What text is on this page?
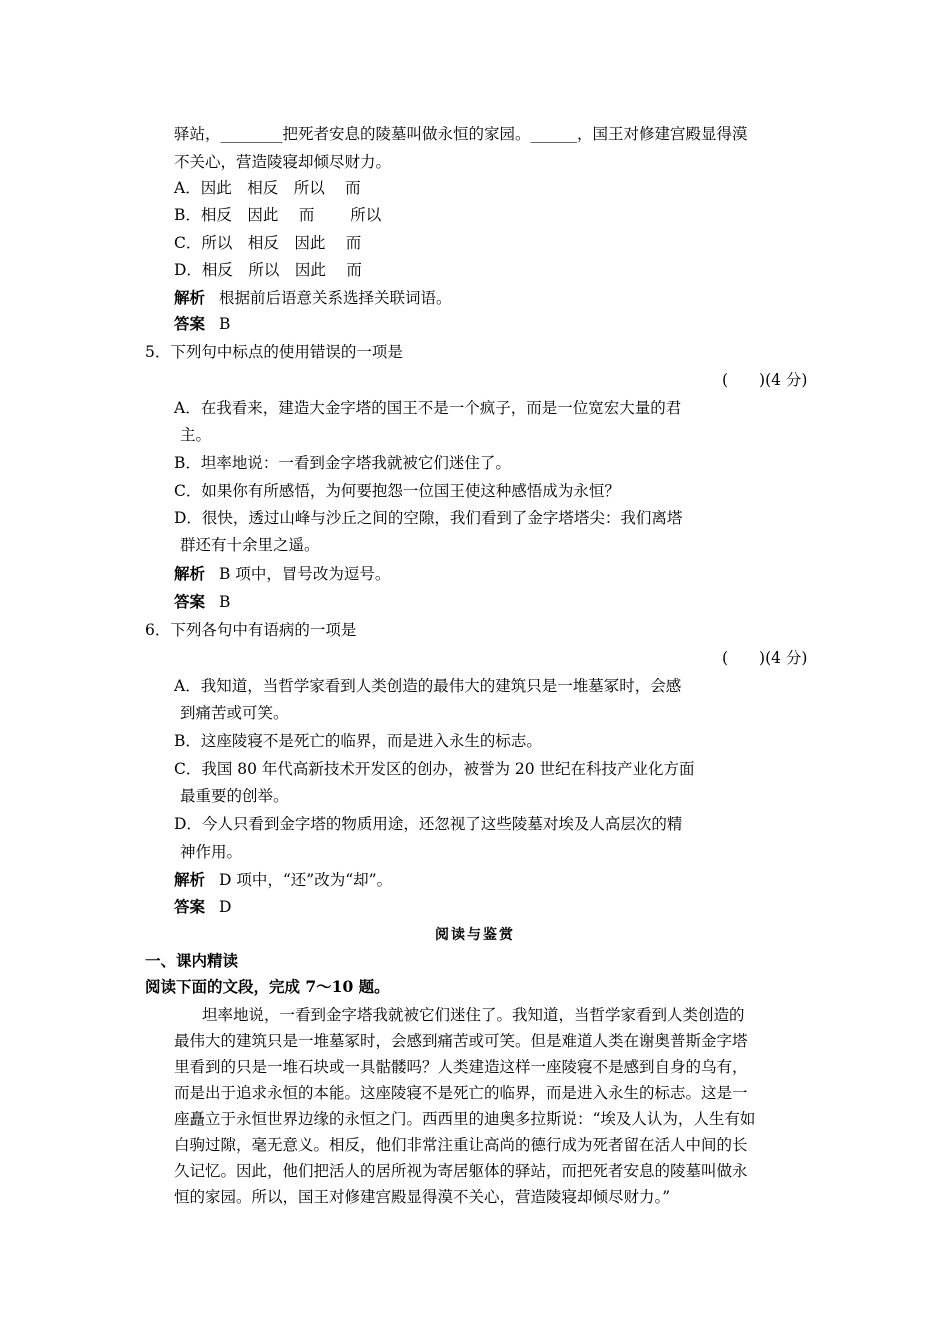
驿站，________把死者安息的陵墓叫做永恒的家园。______，国王对修建宫殿显得漠
不关心，营造陵寝却倾尽财力。
A．因此　相反　所以　 而
B．相反　因此　 而　　 所以
C．所以　相反　因此　 而
D．相反　所以　因此　 而
解析 根据前后语意关系选择关联词语。
答案 B
5．下列句中标点的使用错误的一项是
(　　)(4 分)
A．在我看来，建造大金字塔的国王不是一个疯子，而是一位宽宏大量的君
主。
B．坦率地说：一看到金字塔我就被它们迷住了。
C．如果你有所感悟，为何要抱怨一位国王使这种感悟成为永恒？
D．很快，透过山峰与沙丘之间的空隙，我们看到了金字塔塔尖：我们离塔
群还有十余里之遥。
解析 B 项中，冒号改为逗号。
答案 B
6．下列各句中有语病的一项是
(　　)(4 分)
A．我知道，当哲学家看到人类创造的最伟大的建筑只是一堆墓冢时，会感
到痛苦或可笑。
B．这座陵寝不是死亡的临界，而是进入永生的标志。
C．我国 80 年代高新技术开发区的创办，被誉为 20 世纪在科技产业化方面
最重要的创举。
D．今人只看到金字塔的物质用途，还忽视了这些陵墓对埃及人高层次的精
神作用。
解析 D 项中，“还”改为“却”。
答案 D
阅读与鉴赏
一、课内精读
阅读下面的文段，完成 7～10 题。
坦率地说，一看到金字塔我就被它们迷住了。我知道，当哲学家看到人类创造的
最伟大的建筑只是一堆墓冢时，会感到痛苦或可笑。但是难道人类在谢奥普斯金字塔
里看到的只是一堆石块或一具骷髅吗？人类建造这样一座陵寝不是感到自身的乌有，
而是出于追求永恒的本能。这座陵寝不是死亡的临界，而是进入永生的标志。这是一
座矗立于永恒世界边缘的永恒之门。西西里的迪奥多拉斯说：“埃及人认为，人生有如
白驹过隙，毫无意义。相反，他们非常注重让高尚的德行成为死者留在活人中间的长
久记忆。因此，他们把活人的居所视为寄居躯体的驿站，而把死者安息的陵墓叫做永
恒的家园。所以，国王对修建宫殿显得漠不关心，营造陵寝却倾尽财力。”
